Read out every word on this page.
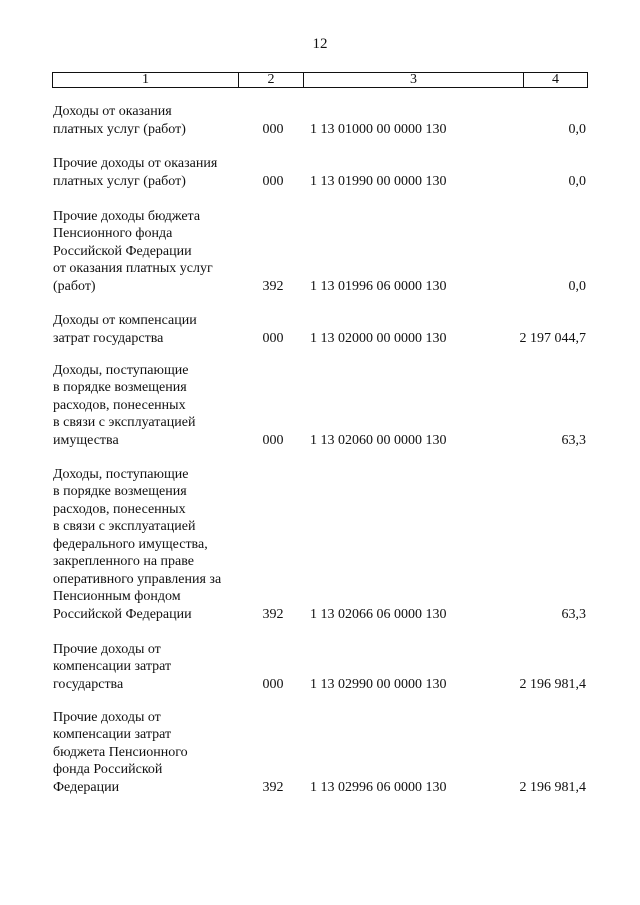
12
1	2	3	4
Доходы от оказания
платных услуг (работ)	000	1 13 01000 00 0000 130	0,0
Прочие доходы от оказания
платных услуг (работ)	000	1 13 01990 00 0000 130	0,0
Прочие доходы бюджета
Пенсионного фонда
Российской Федерации
от оказания платных услуг
(работ)	392	1 13 01996 06 0000 130	0,0
Доходы от компенсации
затрат государства	000	1 13 02000 00 0000 130	2 197 044,7
Доходы, поступающие
в порядке возмещения
расходов, понесенных
в связи с эксплуатацией
имущества	000	1 13 02060 00 0000 130	63,3
Доходы, поступающие
в порядке возмещения
расходов, понесенных
в связи с эксплуатацией
федерального имущества,
закрепленного на праве
оперативного управления за
Пенсионным фондом
Российской Федерации	392	1 13 02066 06 0000 130	63,3
Прочие доходы от
компенсации затрат
государства	000	1 13 02990 00 0000 130	2 196 981,4
Прочие доходы от
компенсации затрат
бюджета Пенсионного
фонда Российской
Федерации	392	1 13 02996 06 0000 130	2 196 981,4
